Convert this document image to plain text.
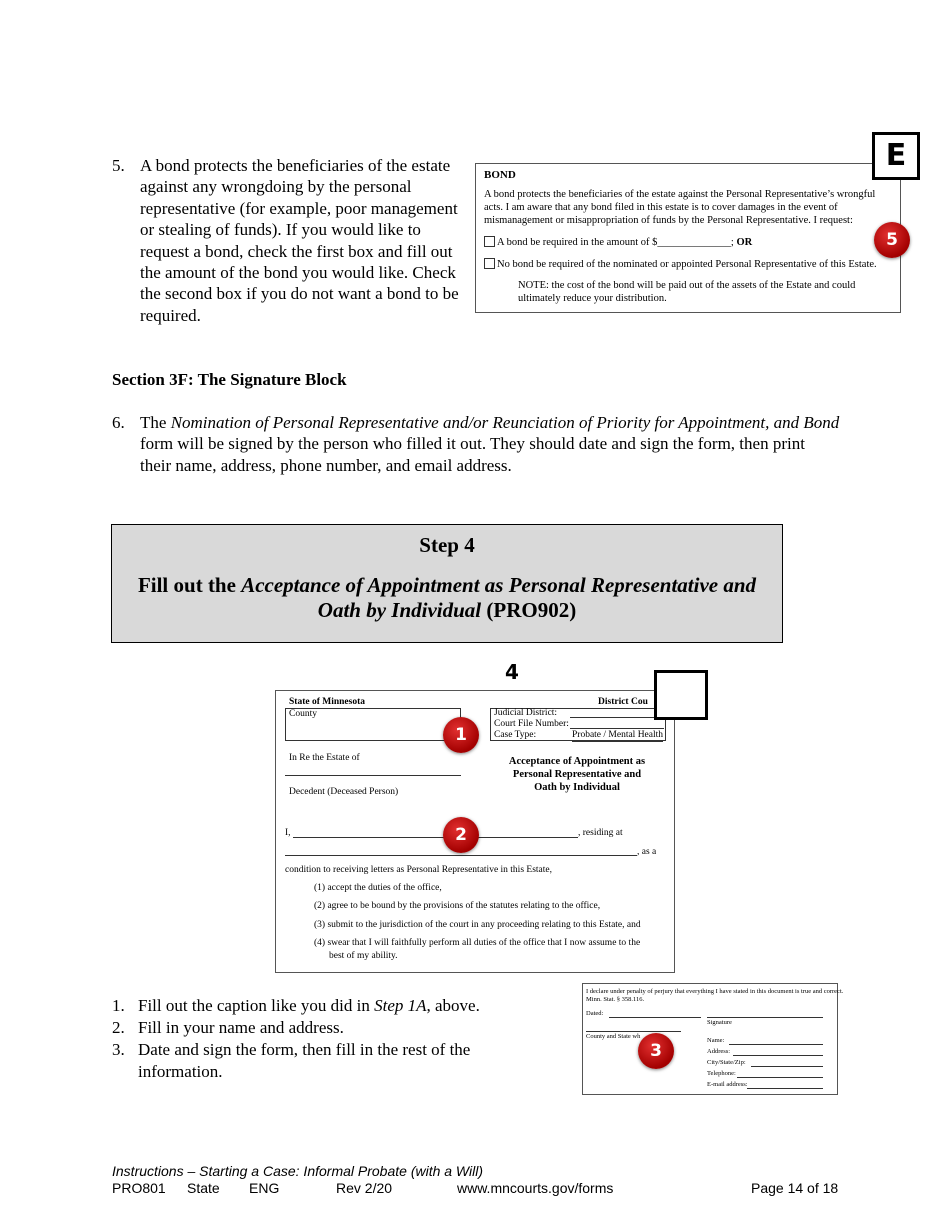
5. A bond protects the beneficiaries of the estate against any wrongdoing by the personal representative (for example, poor management or stealing of funds). If you would like to request a bond, check the first box and fill out the amount of the bond you would like. Check the second box if you do not want a bond to be required.
BOND
A bond protects the beneficiaries of the estate against the Personal Representative’s wrongful acts. I am aware that any bond filed in this estate is to cover damages in the event of mismanagement or misappropriation of funds by the Personal Representative. I request:
A bond be required in the amount of $______________; OR
No bond be required of the nominated or appointed Personal Representative of this Estate.
NOTE: the cost of the bond will be paid out of the assets of the Estate and could ultimately reduce your distribution.
E
5
Section 3F: The Signature Block
6. The Nomination of Personal Representative and/or Reunciation of Priority for Appointment, and Bond form will be signed by the person who filled it out. They should date and sign the form, then print their name, address, phone number, and email address.
Step 4
Fill out the Acceptance of Appointment as Personal Representative and Oath by Individual (PRO902)
4
State of Minnesota	District Cou
County	Judicial District:
Court File Number:
Case Type:	Probate / Mental Health
In Re the Estate of
Decedent (Deceased Person)
Acceptance of Appointment as
Personal Representative and
Oath by Individual
I,	, residing at
, as a
condition to receiving letters as Personal Representative in this Estate,
(1) accept the duties of the office,
(2) agree to be bound by the provisions of the statutes relating to the office,
(3) submit to the jurisdiction of the court in any proceeding relating to this Estate, and
(4) swear that I will faithfully perform all duties of the office that I now assume to the
best of my ability.
1
2
1. Fill out the caption like you did in Step 1A, above.
2. Fill in your name and address.
3. Date and sign the form, then fill in the rest of the information.
I declare under penalty of perjury that everything I have stated in this document is true and correct.
Minn. Stat. § 358.116.
Dated:
Signature
County and State wh
Name:
Address:
City/State/Zip:
Telephone:
E-mail address:
3
Instructions – Starting a Case: Informal Probate (with a Will)
PRO801 State ENG	Rev 2/20	www.mncourts.gov/forms	Page 14 of 18
